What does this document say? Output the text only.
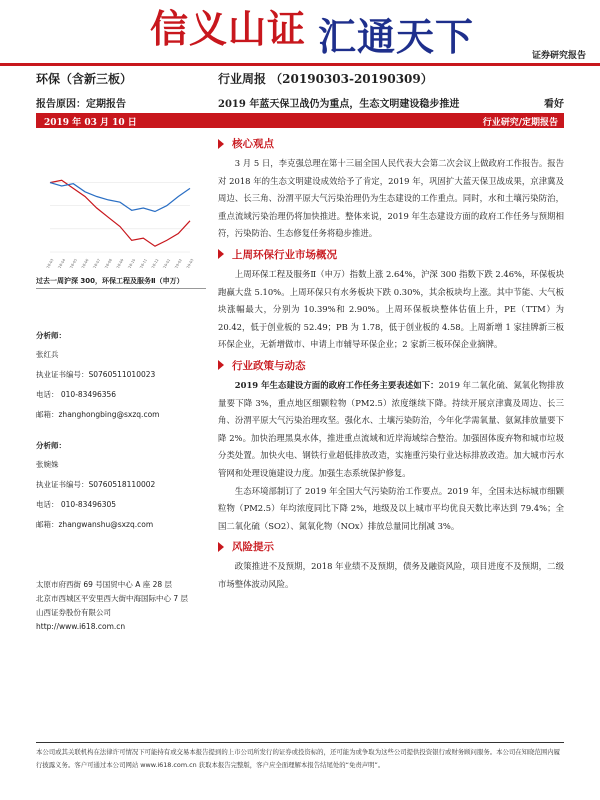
信义山证 汇通天下	证券研究报告
环保（含新三板）	行业周报 （20190303-20190309）
报告原因：定期报告	2019 年蓝天保卫战仍为重点，生态文明建设稳步推进	看好
2019 年 03 月 10 日	行业研究/定期报告
2018-03 2018-04 2018-05 2018-06 2018-07 2018-08 2018-09 2018-10 2018-11 2018-12 2019-01 2019-02 2019-03
过去一周沪深 300，环保工程及服务Ⅱ（申万）
分析师：
张红兵
执业证书编号：S0760511010023
电话： 010-83496356
邮箱：zhanghongbing@sxzq.com
分析师：
张婉姝
执业证书编号：S0760518110002
电话： 010-83496305
邮箱：zhangwanshu@sxzq.com
太原市府西街 69 号国贸中心 A 座 28 层
北京市西城区平安里西大街中海国际中心 7 层
山西证券股份有限公司
http://www.i618.com.cn
核心观点

3 月 5 日，李克强总理在第十三届全国人民代表大会第二次会议上做政府工作报告。报告对 2018 年的生态文明建设成效给予了肯定，2019 年，巩固扩大蓝天保卫战成果，京津冀及周边、长三角、汾渭平原大气污染治理仍为生态建设的工作重点。同时，水和土壤污染防治，重点流域污染治理仍将加快推进。整体来说，2019 年生态建设方面的政府工作任务与预期相符，污染防治、生态修复任务将稳步推进。

上周环保行业市场概况

上周环保工程及服务Ⅱ（申万）指数上涨 2.64%，沪深 300 指数下跌 2.46%，环保板块跑赢大盘 5.10%。上周环保只有水务板块下跌 0.30%，其余板块均上涨。其中节能、大气板块涨幅最大，分别为 10.39%和 2.90%。上周环保板块整体估值上升，PE（TTM）为 20.42，低于创业板的 52.49；PB 为 1.78，低于创业板的 4.58。上周新增 1 家挂牌新三板环保企业，无新增做市、申请上市辅导环保企业；2 家新三板环保企业摘牌。

行业政策与动态

2019 年生态建设方面的政府工作任务主要表述如下：2019 年二氧化硫、氮氧化物排放量要下降 3%，重点地区细颗粒物（PM2.5）浓度继续下降。持续开展京津冀及周边、长三角、汾渭平原大气污染治理攻坚。强化水、土壤污染防治，今年化学需氧量、氨氮排放量要下降 2%。加快治理黑臭水体，推进重点流域和近岸海域综合整治。加强固体废弃物和城市垃圾分类处置。加快火电、钢铁行业超低排放改造，实施重污染行业达标排放改造。加大城市污水管网和处理设施建设力度。加强生态系统保护修复。

生态环境部制订了 2019 年全国大气污染防治工作要点。2019 年，全国未达标城市细颗粒物（PM2.5）年均浓度同比下降 2%，地级及以上城市平均优良天数比率达到 79.4%；全国二氧化硫（SO2）、氮氧化物（NOx）排放总量同比削减 3%。

风险提示

政策推进不及预期，2018 年业绩不及预期，债务及融资风险，项目进度不及预期，二级市场整体波动风险。

本公司或其关联机构在法律许可情况下可能持有或交易本报告提到的上市公司所发行的证券或投资标的，还可能为或争取为这些公司提供投资银行或财务顾问服务。本公司在知晓范围内履行披露义务。客户可通过本公司网站 www.i618.com.cn 获取本报告完整版，客户应全面理解本报告结尾处的“免责声明”。
